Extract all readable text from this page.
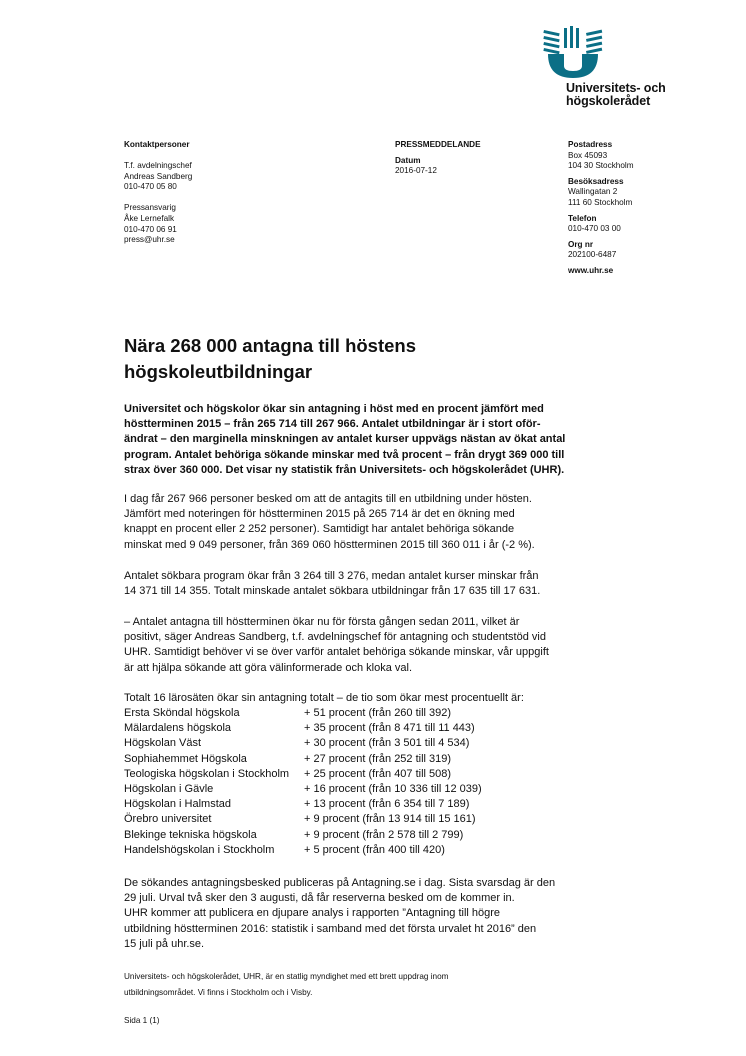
Universitets- och
högskolerådet
Kontaktpersoner
T.f. avdelningschef
Andreas Sandberg
010-470 05 80
Pressansvarig
Åke Lernefalk
010-470 06 91
press@uhr.se
PRESSMEDDELANDE
Datum
2016-07-12
Postadress
Box 45093
104 30 Stockholm
Besöksadress
Wallingatan 2
111 60 Stockholm
Telefon
010-470 03 00
Org nr
202100-6487
www.uhr.se
Nära 268 000 antagna till höstens
högskoleutbildningar
Universitet och högskolor ökar sin antagning i höst med en procent jämfört med
höstterminen 2015 – från 265 714 till 267 966. Antalet utbildningar är i stort oför-
ändrat – den marginella minskningen av antalet kurser uppvägs nästan av ökat antal
program. Antalet behöriga sökande minskar med två procent – från drygt 369 000 till
strax över 360 000. Det visar ny statistik från Universitets- och högskolerådet (UHR).
I dag får 267 966 personer besked om att de antagits till en utbildning under hösten.
Jämfört med noteringen för höstterminen 2015 på 265 714 är det en ökning med
knappt en procent eller 2 252 personer). Samtidigt har antalet behöriga sökande
minskat med 9 049 personer, från 369 060 höstterminen 2015 till 360 011 i år (-2 %).
Antalet sökbara program ökar från 3 264 till 3 276, medan antalet kurser minskar från
14 371 till 14 355. Totalt minskade antalet sökbara utbildningar från 17 635 till 17 631.
– Antalet antagna till höstterminen ökar nu för första gången sedan 2011, vilket är
positivt, säger Andreas Sandberg, t.f. avdelningschef för antagning och studentstöd vid
UHR. Samtidigt behöver vi se över varför antalet behöriga sökande minskar, vår uppgift
är att hjälpa sökande att göra välinformerade och kloka val.
Totalt 16 lärosäten ökar sin antagning totalt – de tio som ökar mest procentuellt är:
Ersta Sköndal högskola	+ 51 procent (från 260 till 392)
Mälardalens högskola	+ 35 procent (från 8 471 till 11 443)
Högskolan Väst	+ 30 procent (från 3 501 till 4 534)
Sophiahemmet Högskola	+ 27 procent (från 252 till 319)
Teologiska högskolan i Stockholm	+ 25 procent (från 407 till 508)
Högskolan i Gävle	+ 16 procent (från 10 336 till 12 039)
Högskolan i Halmstad	+ 13 procent (från 6 354 till 7 189)
Örebro universitet	+ 9 procent (från 13 914 till 15 161)
Blekinge tekniska högskola	+ 9 procent (från 2 578 till 2 799)
Handelshögskolan i Stockholm	+ 5 procent (från 400 till 420)
De sökandes antagningsbesked publiceras på Antagning.se i dag. Sista svarsdag är den
29 juli. Urval två sker den 3 augusti, då får reserverna besked om de kommer in.
UHR kommer att publicera en djupare analys i rapporten ”Antagning till högre
utbildning höstterminen 2016: statistik i samband med det första urvalet ht 2016” den
15 juli på uhr.se.
Universitets- och högskolerådet, UHR, är en statlig myndighet med ett brett uppdrag inom
utbildningsområdet. Vi finns i Stockholm och i Visby.
Sida 1 (1)
